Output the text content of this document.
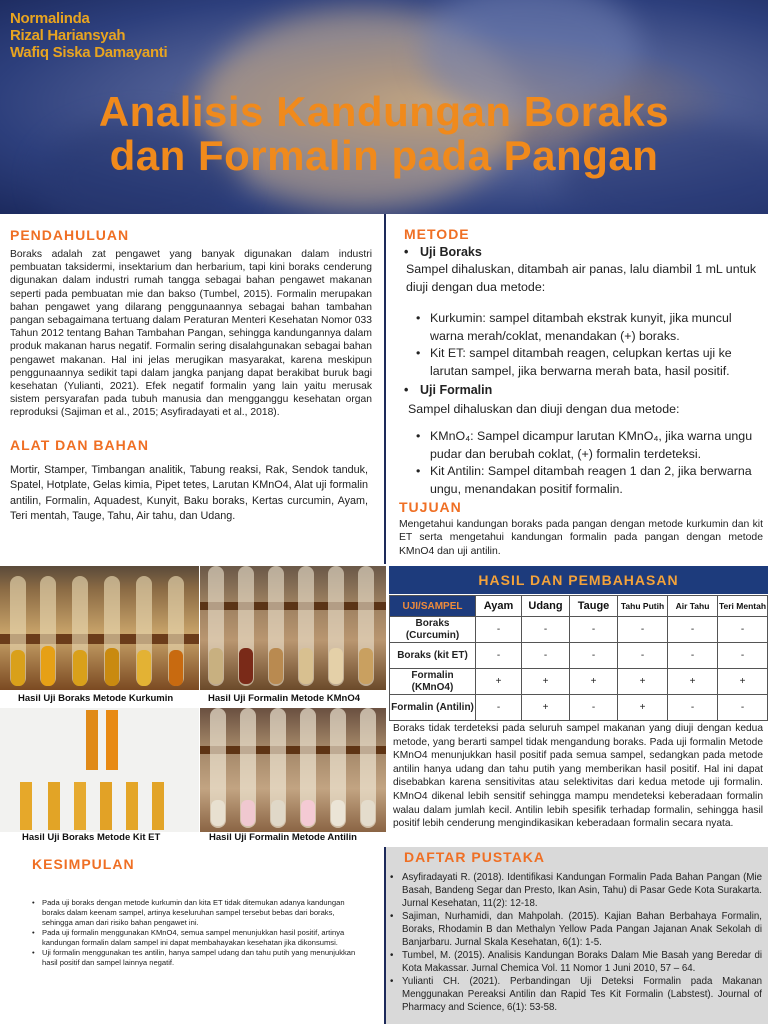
Normalinda
Rizal Hariansyah
Wafiq Siska Damayanti
Analisis Kandungan Boraks
dan Formalin pada Pangan
PENDAHULUAN
Boraks adalah zat pengawet yang banyak digunakan dalam industri pembuatan taksidermi, insektarium dan herbarium, tapi kini boraks cenderung digunakan dalam industri rumah tangga sebagai bahan pengawet makanan seperti pada pembuatan mie dan bakso (Tumbel, 2015). Formalin merupakan bahan pengawet yang dilarang penggunaannya sebagai bahan tambahan pangan sebagaimana tertuang dalam Peraturan Menteri Kesehatan Nomor 033 Tahun 2012 tentang Bahan Tambahan Pangan, sehingga kandungannya dalam produk makanan harus negatif. Formalin sering disalahgunakan sebagai bahan pengawet makanan. Hal ini jelas merugikan masyarakat, karena meskipun penggunaannya sedikit tapi dalam jangka panjang dapat berakibat buruk bagi kesehatan (Yulianti, 2021). Efek negatif formalin yang lain yaitu merusak sistem persyarafan pada tubuh manusia dan mengganggu kesehatan organ reproduksi (Sajiman et al., 2015; Asyfiradayati et al., 2018).
ALAT DAN BAHAN
Mortir, Stamper, Timbangan analitik, Tabung reaksi, Rak, Sendok tanduk, Spatel, Hotplate, Gelas kimia, Pipet tetes, Larutan KMnO4, Alat uji formalin antilin, Formalin, Aquadest, Kunyit, Baku boraks, Kertas curcumin, Ayam, Teri mentah, Tauge, Tahu, Air tahu, dan Udang.
METODE
• Uji Boraks
Sampel dihaluskan, ditambah air panas, lalu diambil 1 mL untuk diuji dengan dua metode:
• Kurkumin: sampel ditambah ekstrak kunyit, jika muncul warna merah/coklat, menandakan (+) boraks.
• Kit ET: sampel ditambah reagen, celupkan kertas uji ke larutan sampel, jika berwarna merah bata, hasil positif.
• Uji Formalin
Sampel dihaluskan dan diuji dengan dua metode:
• KMnO₄: Sampel dicampur larutan KMnO₄, jika warna ungu pudar dan berubah coklat, (+) formalin terdeteksi.
• Kit Antilin: Sampel ditambah reagen 1 dan 2, jika berwarna ungu, menandakan positif formalin.
TUJUAN
Mengetahui kandungan boraks pada pangan dengan metode kurkumin dan kit ET serta mengetahui kandungan formalin pada pangan dengan metode KMnO4 dan uji antilin.
Hasil Uji Boraks Metode Kurkumin	Hasil Uji Formalin Metode KMnO4
Hasil Uji Boraks Metode Kit ET	Hasil Uji Formalin Metode Antilin
HASIL DAN PEMBAHASAN
UJI/SAMPEL	Ayam	Udang	Tauge	Tahu Putih	Air Tahu	Teri Mentah
Boraks (Curcumin)	-	-	-	-	-	-
Boraks (kit ET)	-	-	-	-	-	-
Formalin (KMnO4)	+	+	+	+	+	+
Formalin (Antilin)	-	+	-	+	-	-
Boraks tidak terdeteksi pada seluruh sampel makanan yang diuji dengan kedua metode, yang berarti sampel tidak mengandung boraks. Pada uji formalin Metode KMnO4 menunjukkan hasil positif pada semua sampel, sedangkan pada metode antilin hanya udang dan tahu putih yang memberikan hasil positif. Hal ini dapat disebabkan karena sensitivitas atau selektivitas dari kedua metode uji formalin. KMnO4 dikenal lebih sensitif sehingga mampu mendeteksi keberadaan formalin walau dalam jumlah kecil. Antilin lebih spesifik terhadap formalin, sehingga hasil positif lebih cenderung mengindikasikan keberadaan formalin secara nyata.
KESIMPULAN
• Pada uji boraks dengan metode kurkumin dan kita ET tidak ditemukan adanya kandungan boraks dalam keenam sampel, artinya keseluruhan sampel tersebut bebas dari boraks, sehingga aman dari risiko bahan pengawet ini.
• Pada uji formalin menggunakan KMnO4, semua sampel menunjukkan hasil positif, artinya kandungan formalin dalam sampel ini dapat membahayakan kesehatan jika dikonsumsi.
• Uji formalin menggunakan tes antilin, hanya sampel udang dan tahu putih yang menunjukkan hasil positif dan sampel lainnya negatif.
DAFTAR PUSTAKA
• Asyfiradayati R. (2018). Identifikasi Kandungan Formalin Pada Bahan Pangan (Mie Basah, Bandeng Segar dan Presto, Ikan Asin, Tahu) di Pasar Gede Kota Surakarta. Jurnal Kesehatan, 11(2): 12-18.
• Sajiman, Nurhamidi, dan Mahpolah. (2015). Kajian Bahan Berbahaya Formalin, Boraks, Rhodamin B dan Methalyn Yellow Pada Pangan Jajanan Anak Sekolah di Banjarbaru. Jurnal Skala Kesehatan, 6(1): 1-5.
• Tumbel, M. (2015). Analisis Kandungan Boraks Dalam Mie Basah yang Beredar di Kota Makassar. Jurnal Chemica Vol. 11 Nomor 1 Juni 2010, 57 – 64.
• Yulianti CH. (2021). Perbandingan Uji Deteksi Formalin pada Makanan Menggunakan Pereaksi Antilin dan Rapid Tes Kit Formalin (Labstest). Journal of Pharmacy and Science, 6(1): 53-58.
